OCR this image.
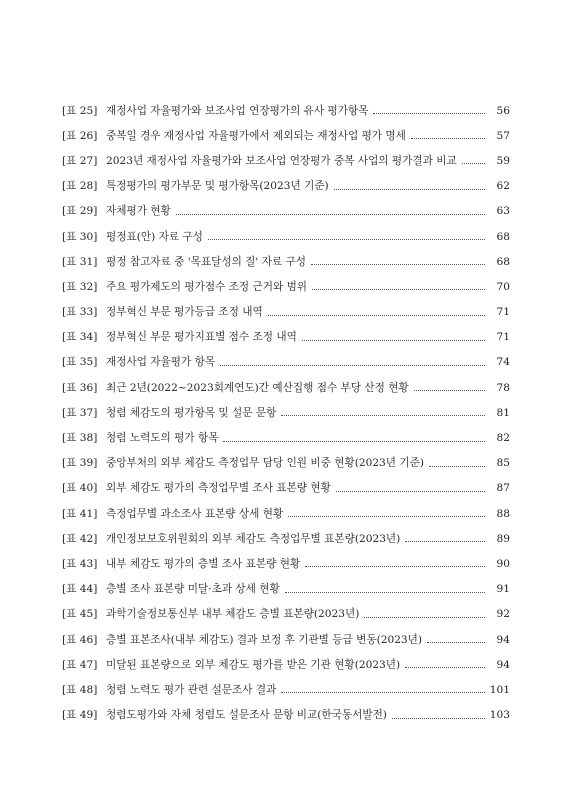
[표 25] 재정사업 자율평가와 보조사업 연장평가의 유사 평가항목	56
[표 26] 중복일 경우 재정사업 자율평가에서 제외되는 재정사업 평가 명세	57
[표 27] 2023년 재정사업 자율평가와 보조사업 연장평가 중복 사업의 평가결과 비교	59
[표 28] 특정평가의 평가부문 및 평가항목(2023년 기준)	62
[표 29] 자체평가 현황	63
[표 30] 평정표(안) 자료 구성	68
[표 31] 평정 참고자료 중 '목표달성의 질' 자료 구성	68
[표 32] 주요 평가제도의 평가점수 조정 근거와 범위	70
[표 33] 정부혁신 부문 평가등급 조정 내역	71
[표 34] 정부혁신 부문 평가지표별 점수 조정 내역	71
[표 35] 재정사업 자율평가 항목	74
[표 36] 최근 2년(2022~2023회계연도)간 예산집행 점수 부당 산정 현황	78
[표 37] 청렴 체감도의 평가항목 및 설문 문항	81
[표 38] 청렴 노력도의 평가 항목	82
[표 39] 중앙부처의 외부 체감도 측정업무 담당 인원 비중 현황(2023년 기준)	85
[표 40] 외부 체감도 평가의 측정업무별 조사 표본량 현황	87
[표 41] 측정업무별 과소조사 표본량 상세 현황	88
[표 42] 개인정보보호위원회의 외부 체감도 측정업무별 표본량(2023년)	89
[표 43] 내부 체감도 평가의 층별 조사 표본량 현황	90
[표 44] 층별 조사 표본량 미달·초과 상세 현황	91
[표 45] 과학기술정보통신부 내부 체감도 층별 표본량(2023년)	92
[표 46] 층별 표본조사(내부 체감도) 결과 보정 후 기관별 등급 변동(2023년)	94
[표 47] 미달된 표본량으로 외부 체감도 평가를 받은 기관 현황(2023년)	94
[표 48] 청렴 노력도 평가 관련 설문조사 결과	101
[표 49] 청렴도평가와 자체 청렴도 설문조사 문항 비교(한국동서발전)	103
